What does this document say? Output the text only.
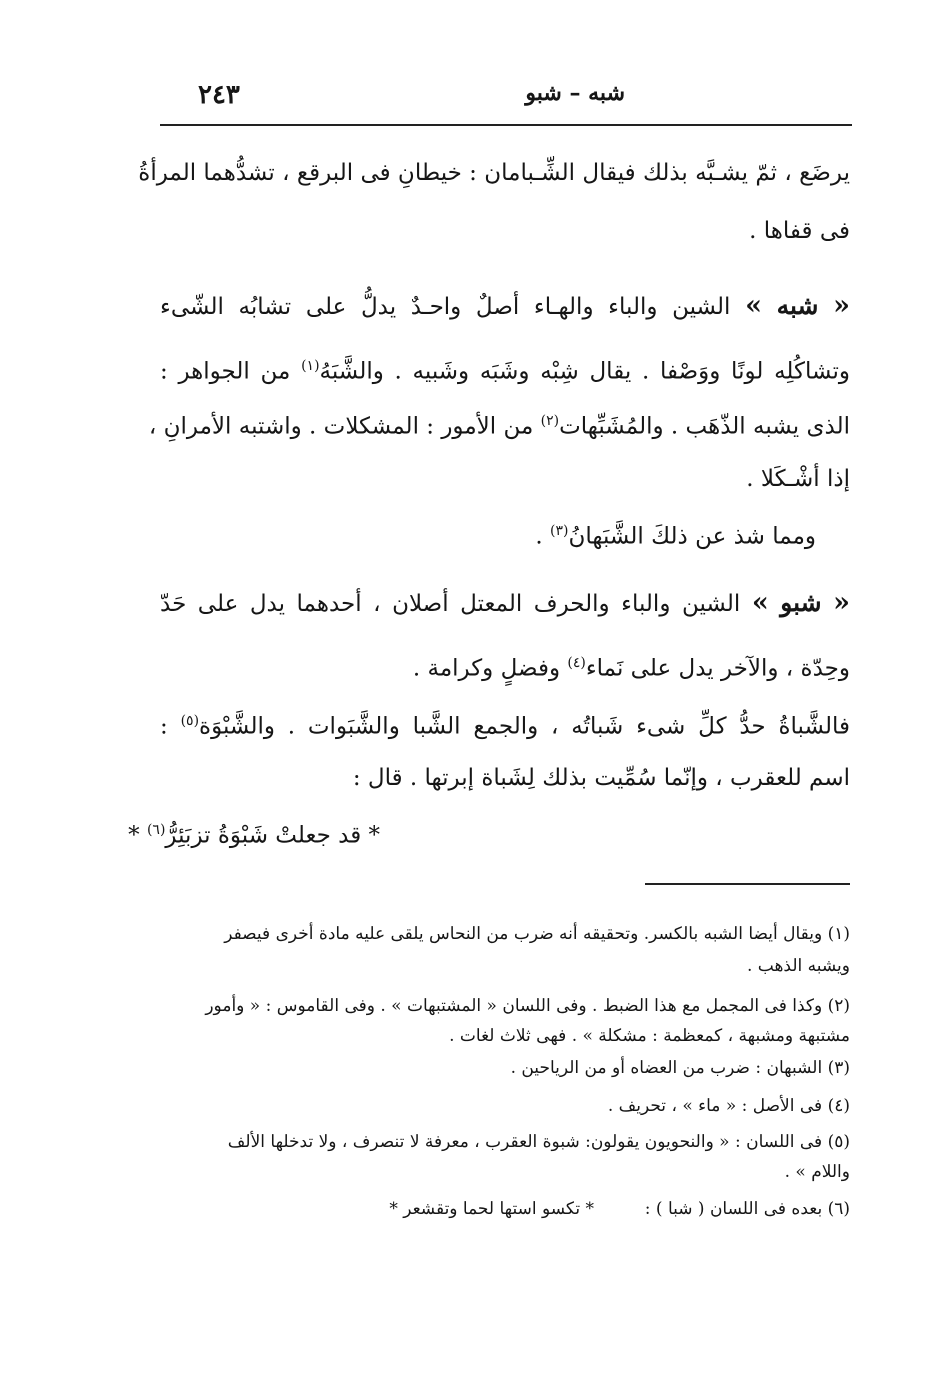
٢٤٣	شبه – شبو
يرضَع ، ثمّ يشـبَّه بذلك فيقال الشِّـبامان : خيطانِ فى البرقع ، تشدُّهما المرأةُ
فى قفاها .
« شبه » الشين والباء والهـاء أصلٌ واحـدٌ يدلُّ على تشابُه الشّىء
وتشاكُلِه لونًا ووَصْفا . يقال شِبْه وشَبَه وشَبيه . والشَّبَهُ$^{(١)}$ من الجواهر :
الذى يشبه الذّهَب . والمُشَبِّهات$^{(٢)}$ من الأمور : المشكلات . واشتبه الأمرانِ ،
إذا أشْـكَلا .
ومما شذ عن ذلكَ الشَّبَهانُ$^{(٣)}$ .
« شبو » الشين والباء والحرف المعتل أصلان ، أحدهما يدل على حَدّ
وحِدّة ، والآخر يدل على نَماء$^{(٤)}$ وفضلٍ وكرامة .
فالشَّباةُ حدُّ كلِّ شىء شَباتُه ، والجمع الشَّبا والشَّبَوات . والشَّبْوَة$^{(٥)}$ :
اسم للعقرب ، وإنّما سُمِّيت بذلك لِشَباة إبرتها . قال :
* قد جعلتْ شَبْوَةُ تزبَئِرُّ$^{(٦)}$ *
(١) ويقال أيضا الشبه بالكسر. وتحقيقه أنه ضرب من النحاس يلقى عليه مادة أخرى فيصفر
ويشبه الذهب .
(٢) وكذا فى المجمل مع هذا الضبط . وفى اللسان « المشتبهات » . وفى القاموس : « وأمور
مشتبهة ومشبهة ، كمعظمة : مشكلة » . فهى ثلاث لغات .
(٣) الشبهان : ضرب من العضاه أو من الرياحين .
(٤) فى الأصل : « ماء » ، تحريف .
(٥) فى اللسان : « والنحويون يقولون: شبوة العقرب ، معرفة لا تنصرف ، ولا تدخلها الألف
واللام » .
(٦) بعده فى اللسان ( شبا ) :  * تكسو استها لحما وتقشعر *
